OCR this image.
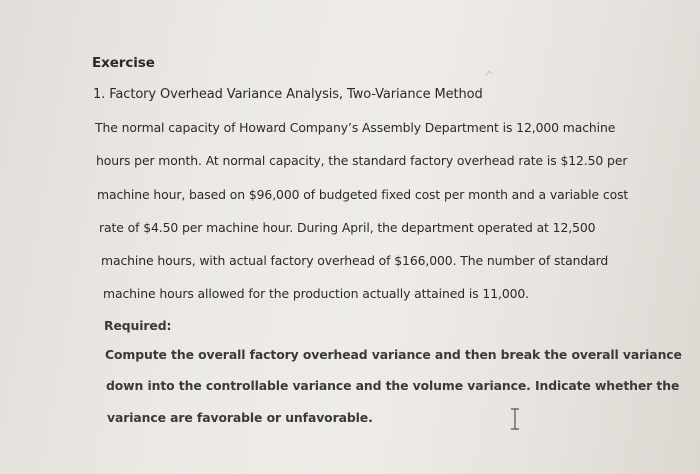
Exercise
1. Factory Overhead Variance Analysis, Two-Variance Method
The normal capacity of Howard Company’s Assembly Department is 12,000 machine
hours per month. At normal capacity, the standard factory overhead rate is $12.50 per
machine hour, based on $96,000 of budgeted fixed cost per month and a variable cost
rate of $4.50 per machine hour. During April, the department operated at 12,500
machine hours, with actual factory overhead of $166,000. The number of standard
machine hours allowed for the production actually attained is 11,000.
Required:
Compute the overall factory overhead variance and then break the overall variance
down into the controllable variance and the volume variance. Indicate whether the
variance are favorable or unfavorable.
